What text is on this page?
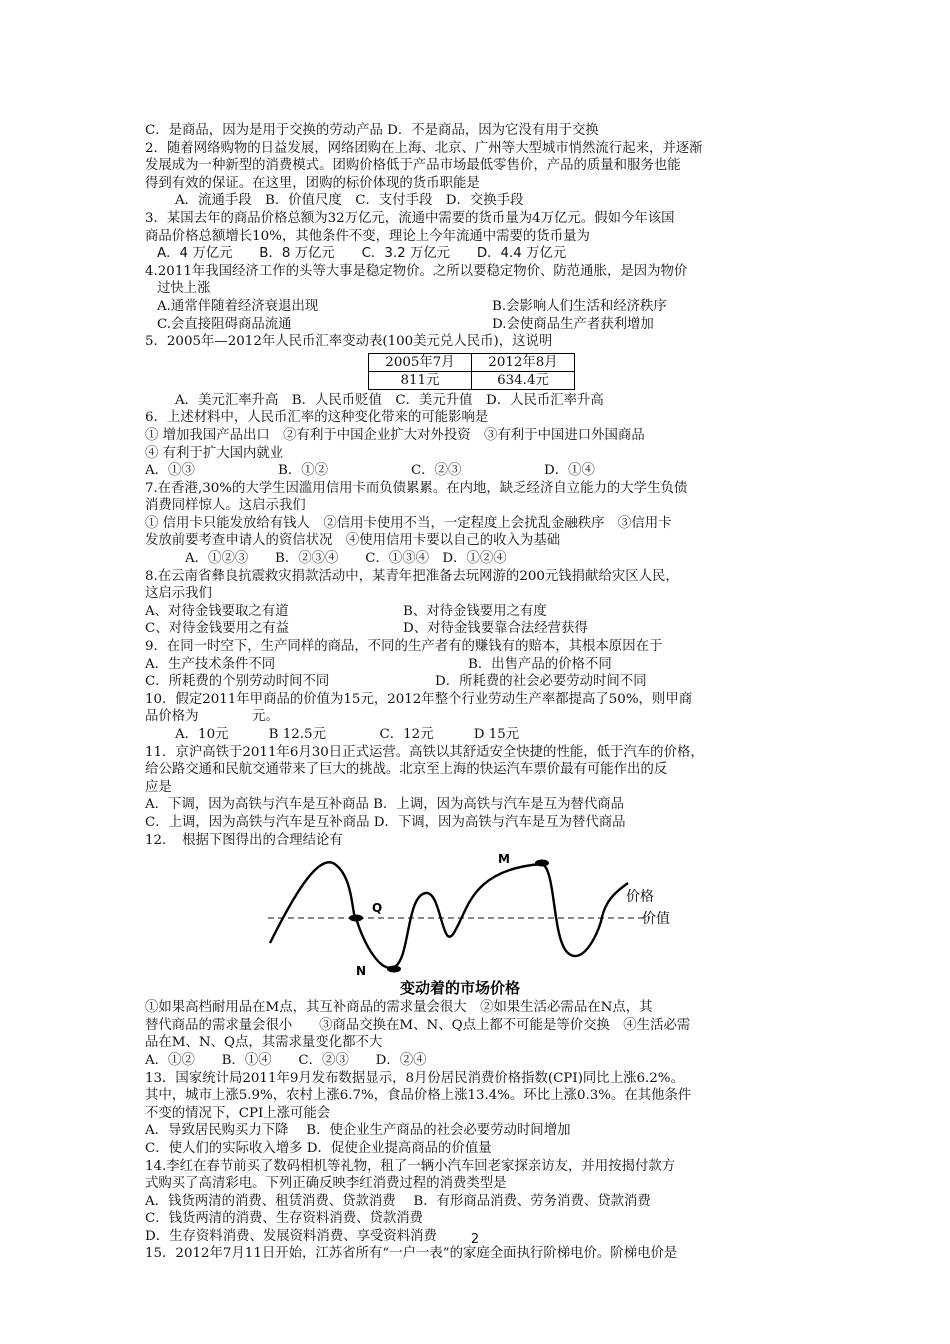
C．是商品，因为是用于交换的劳动产品 D．不是商品，因为它没有用于交换
2．随着网络购物的日益发展，网络团购在上海、北京、广州等大型城市悄然流行起来，并逐渐
发展成为一种新型的消费模式。团购价格低于产品市场最低零售价，产品的质量和服务也能
得到有效的保证。在这里，团购的标价体现的货币职能是
A．流通手段　B．价值尺度　C．支付手段　D．交换手段
3．某国去年的商品价格总额为32万亿元，流通中需要的货币量为4万亿元。假如今年该国
商品价格总额增长10%，其他条件不变，理论上今年流通中需要的货币量为
A．4 万亿元　　B．8 万亿元　　C．3.2 万亿元　　D．4.4 万亿元
4.2011年我国经济工作的头等大事是稳定物价。之所以要稳定物价、防范通胀，是因为物价
过快上涨
A.通常伴随着经济衰退出现	B.会影响人们生活和经济秩序
C.会直接阻碍商品流通	D.会使商品生产者获利增加
5．2005年—2012年人民币汇率变动表(100美元兑人民币)，这说明
2005年7月	2012年8月
811元	634.4元
A．美元汇率升高　B．人民币贬值　C．美元升值　D．人民币汇率升高
6．上述材料中，人民币汇率的这种变化带来的可能影响是
① 增加我国产品出口　②有利于中国企业扩大对外投资　③有利于中国进口外国商品
④ 有利于扩大国内就业
A．①③	B．①②	C．②③	D．①④
7.在香港,30%的大学生因滥用信用卡而负债累累。在内地，缺乏经济自立能力的大学生负债
消费同样惊人。这启示我们
① 信用卡只能发放给有钱人　②信用卡使用不当，一定程度上会扰乱金融秩序　③信用卡
发放前要考查申请人的资信状况　④使用信用卡要以自己的收入为基础
A．①②③　　B．②③④　　C．①③④　D．①②④
8.在云南省彝良抗震救灾捐款活动中，某青年把准备去玩网游的200元钱捐献给灾区人民，
这启示我们
A、对待金钱要取之有道	B、对待金钱要用之有度
C、对待金钱要用之有益	D、对待金钱要靠合法经营获得
9．在同一时空下，生产同样的商品，不同的生产者有的赚钱有的赔本，其根本原因在于
A．生产技术条件不同	B．出售产品的价格不同
C．所耗费的个别劳动时间不同	D．所耗费的社会必要劳动时间不同
10．假定2011年甲商品的价值为15元，2012年整个行业劳动生产率都提高了50%，则甲商
品价格为　　　　元。
A．10元　　　B 12.5元　　　　C．12元　　　D 15元
11．京沪高铁于2011年6月30日正式运营。高铁以其舒适安全快捷的性能，低于汽车的价格，
给公路交通和民航交通带来了巨大的挑战。北京至上海的快运汽车票价最有可能作出的反
应是
A．下调，因为高铁与汽车是互补商品 B．上调，因为高铁与汽车是互为替代商品
C．上调，因为高铁与汽车是互补商品 D．下调，因为高铁与汽车是互为替代商品
12．　根据下图得出的合理结论有
Q
N
M
价格
价值
变动着的市场价格
①如果高档耐用品在M点，其互补商品的需求量会很大　②如果生活必需品在N点，其
替代商品的需求量会很小　　③商品交换在M、N、Q点上都不可能是等价交换　④生活必需
品在M、N、Q点，其需求量变化都不大
A．①②　　B．①④　　C．②③　　D．②④
13．国家统计局2011年9月发布数据显示，8月份居民消费价格指数(CPI)同比上涨6.2%。
其中，城市上涨5.9%，农村上涨6.7%，食品价格上涨13.4%。环比上涨0.3%。在其他条件
不变的情况下，CPI上涨可能会
A．导致居民购买力下降　 B．使企业生产商品的社会必要劳动时间增加
C．使人们的实际收入增多 D．促使企业提高商品的价值量
14.李红在春节前买了数码相机等礼物，租了一辆小汽车回老家探亲访友，并用按揭付款方
式购买了高清彩电。下列正确反映李红消费过程的消费类型是
A．钱货两清的消费、租赁消费、贷款消费　 B．有形商品消费、劳务消费、贷款消费
C．钱货两清的消费、生存资料消费、贷款消费
D．生存资料消费、发展资料消费、享受资料消费
15．2012年7月11日开始，江苏省所有“一户一表”的家庭全面执行阶梯电价。阶梯电价是
2
